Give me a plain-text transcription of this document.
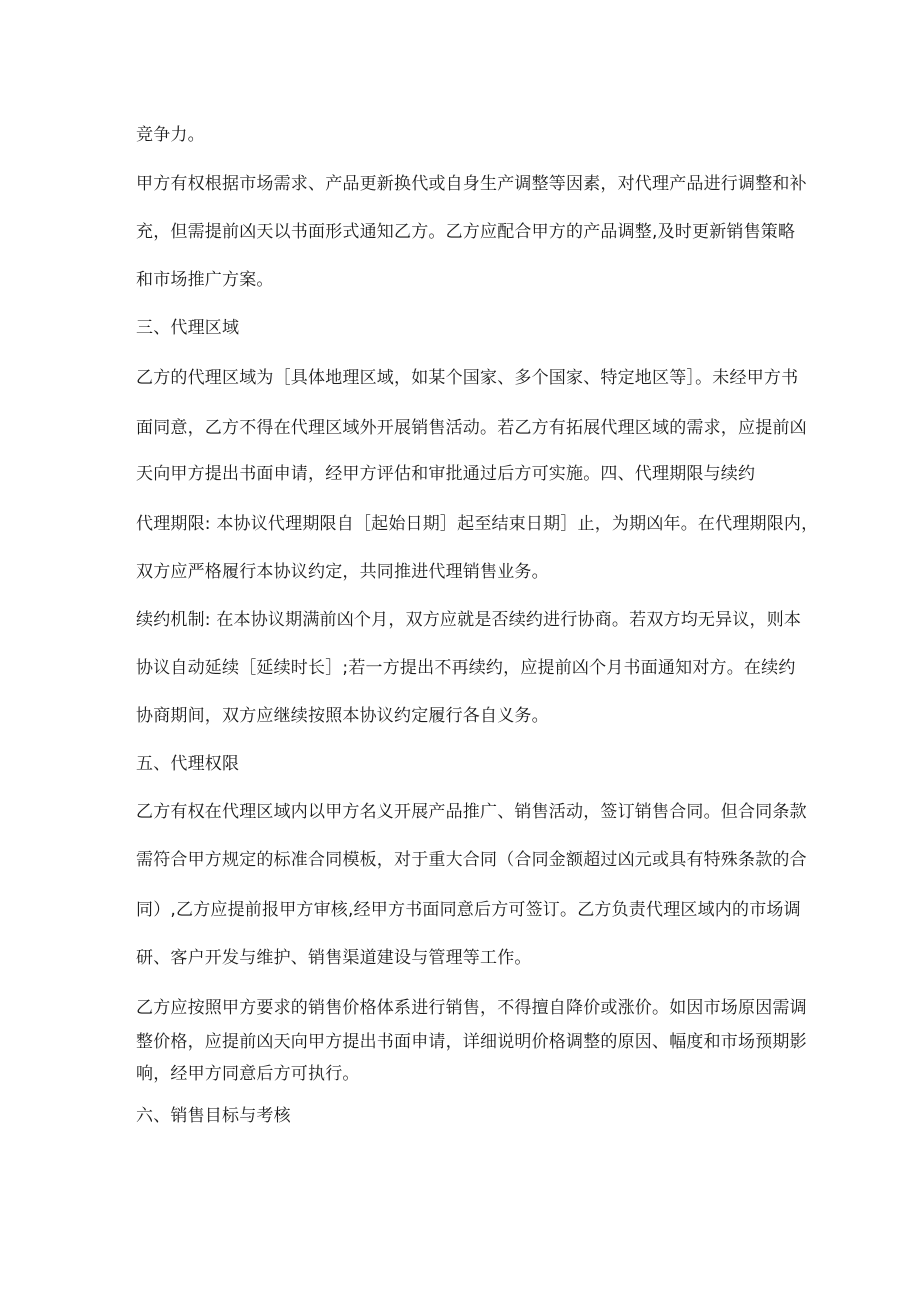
竞争力。
甲方有权根据市场需求、产品更新换代或自身生产调整等因素，对代理产品进行调整和补
充，但需提前凶天以书面形式通知乙方。乙方应配合甲方的产品调整,及时更新销售策略
和市场推广方案。
三、代理区域
乙方的代理区域为［具体地理区域，如某个国家、多个国家、特定地区等］。未经甲方书
面同意，乙方不得在代理区域外开展销售活动。若乙方有拓展代理区域的需求，应提前凶
天向甲方提出书面申请，经甲方评估和审批通过后方可实施。四、代理期限与续约
代理期限: 本协议代理期限自［起始日期］起至结束日期］止，为期凶年。在代理期限内，
双方应严格履行本协议约定，共同推进代理销售业务。
续约机制: 在本协议期满前凶个月，双方应就是否续约进行协商。若双方均无异议，则本
协议自动延续［延续时长］;若一方提出不再续约，应提前凶个月书面通知对方。在续约
协商期间，双方应继续按照本协议约定履行各自义务。
五、代理权限
乙方有权在代理区域内以甲方名义开展产品推广、销售活动，签订销售合同。但合同条款
需符合甲方规定的标准合同模板，对于重大合同（合同金额超过凶元或具有特殊条款的合
同）,乙方应提前报甲方审核,经甲方书面同意后方可签订。乙方负责代理区域内的市场调
研、客户开发与维护、销售渠道建设与管理等工作。
乙方应按照甲方要求的销售价格体系进行销售，不得擅自降价或涨价。如因市场原因需调
整价格，应提前凶天向甲方提出书面申请，详细说明价格调整的原因、幅度和市场预期影
响，经甲方同意后方可执行。
六、销售目标与考核
